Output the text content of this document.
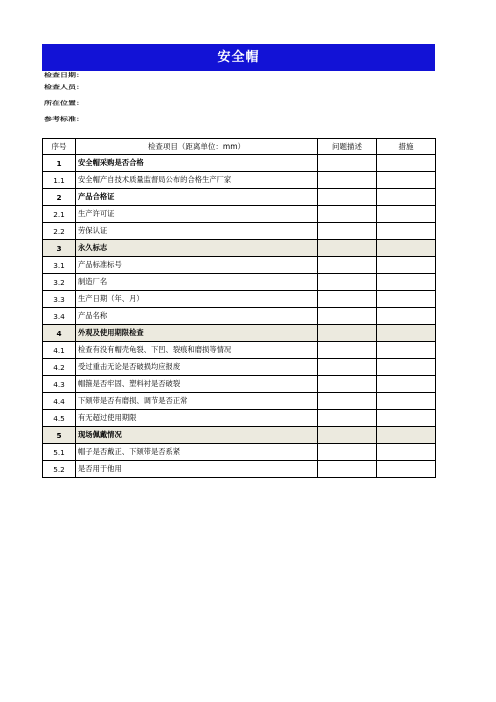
安全帽
检查日期：
检查人员：
所在位置：
参考标准：
序号	检查项目（距离单位：mm）	问题描述	措施
1	安全帽采购是否合格		
1.1	安全帽产自技术质量监督局公布的合格生产厂家		
2	产品合格证		
2.1	生产许可证		
2.2	劳保认证		
3	永久标志		
3.1	产品标准标号		
3.2	制造厂名		
3.3	生产日期（年、月）		
3.4	产品名称		
4	外观及使用期限检查		
4.1	检查有没有帽壳龟裂、下凹、裂痕和磨损等情况		
4.2	受过重击无论是否破损均应报废		
4.3	帽箍是否牢固、塑料衬是否破裂		
4.4	下颏带是否有磨损、调节是否正常		
4.5	有无超过使用期限		
5	现场佩戴情况		
5.1	帽子是否戴正、下颏带是否系紧		
5.2	是否用于他用		
